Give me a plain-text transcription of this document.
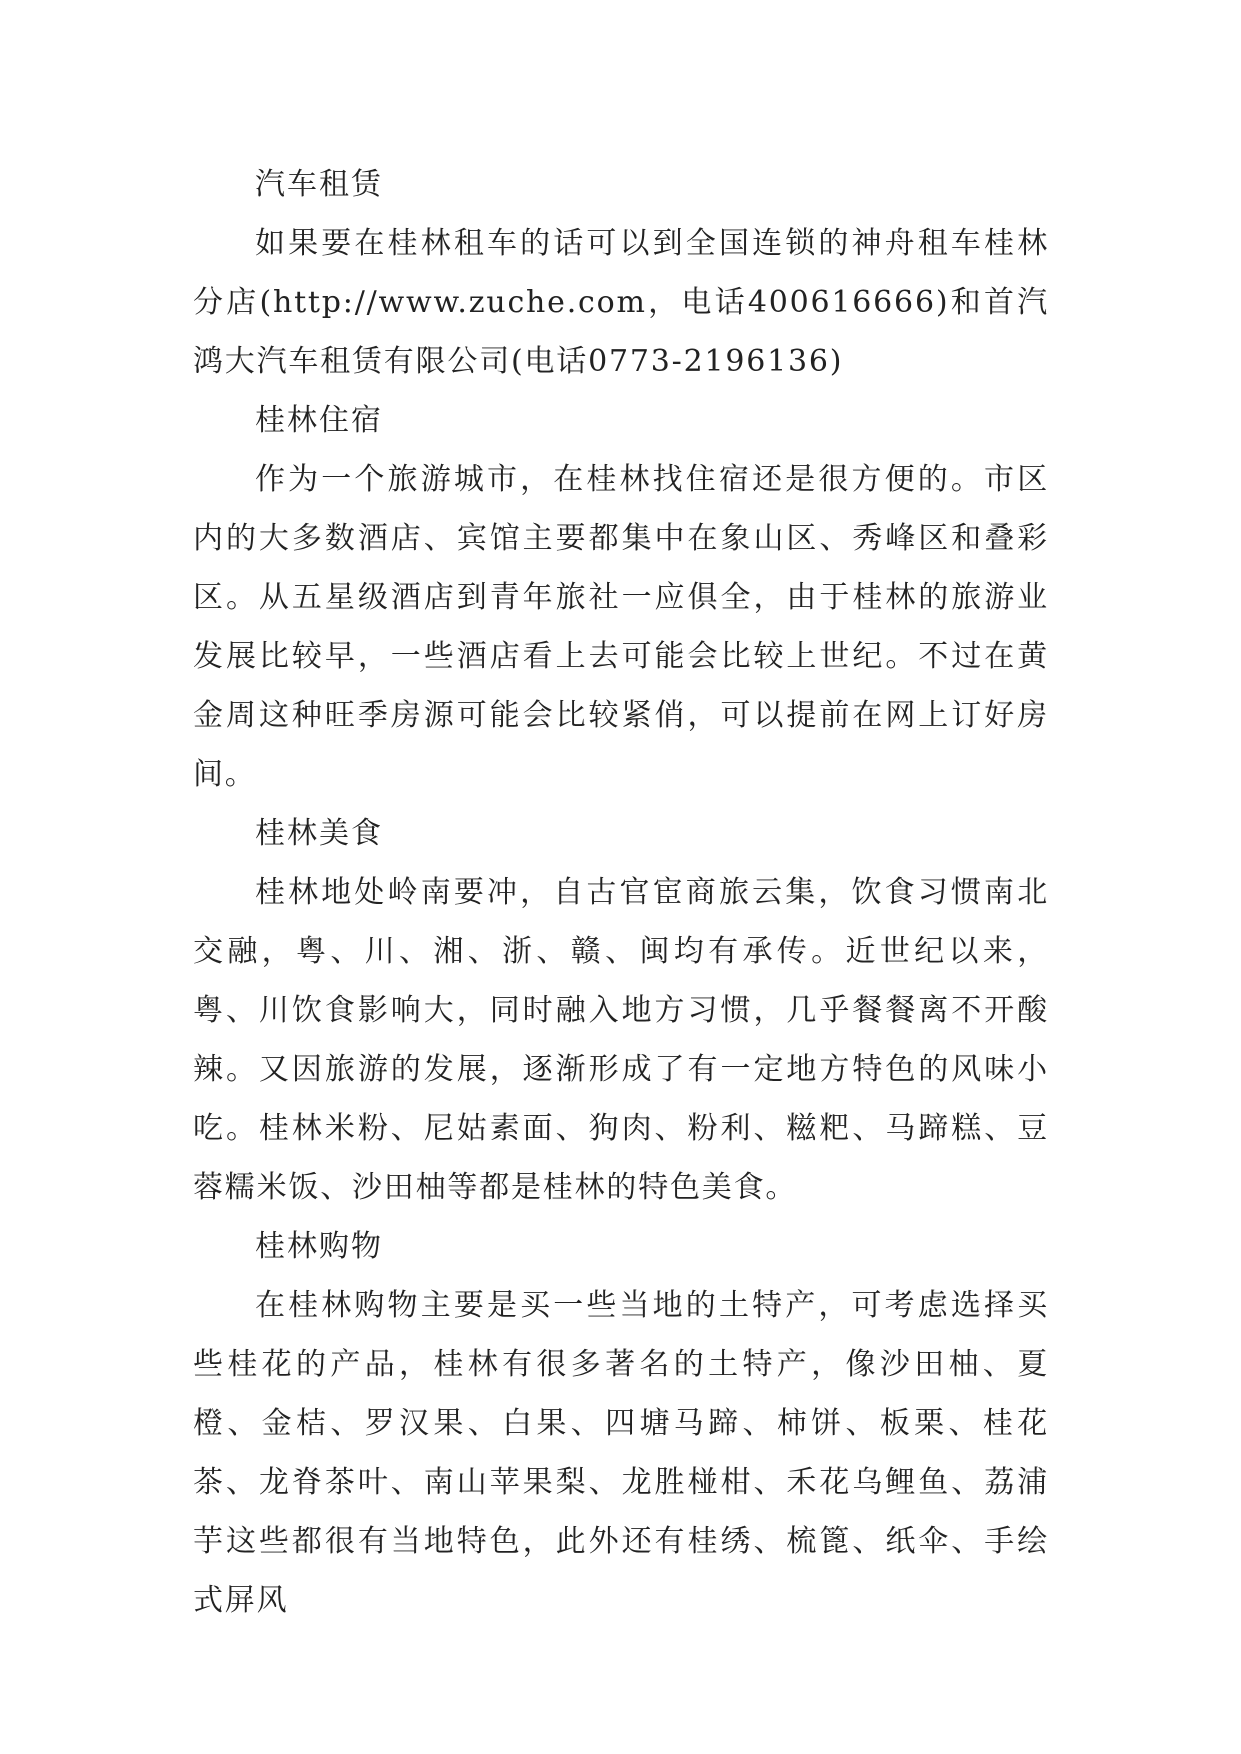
汽车租赁

如果要在桂林租车的话可以到全国连锁的神舟租车桂林分店(http://www.zuche.com，电话400616666)和首汽鸿大汽车租赁有限公司(电话0773-2196136)

桂林住宿

作为一个旅游城市，在桂林找住宿还是很方便的。市区内的大多数酒店、宾馆主要都集中在象山区、秀峰区和叠彩区。从五星级酒店到青年旅社一应俱全，由于桂林的旅游业发展比较早，一些酒店看上去可能会比较上世纪。不过在黄金周这种旺季房源可能会比较紧俏，可以提前在网上订好房间。

桂林美食

桂林地处岭南要冲，自古官宦商旅云集，饮食习惯南北交融，粤、川、湘、浙、赣、闽均有承传。近世纪以来，粤、川饮食影响大，同时融入地方习惯，几乎餐餐离不开酸辣。又因旅游的发展，逐渐形成了有一定地方特色的风味小吃。桂林米粉、尼姑素面、狗肉、粉利、糍粑、马蹄糕、豆蓉糯米饭、沙田柚等都是桂林的特色美食。

桂林购物

在桂林购物主要是买一些当地的土特产，可考虑选择买些桂花的产品，桂林有很多著名的土特产，像沙田柚、夏橙、金桔、罗汉果、白果、四塘马蹄、柿饼、板栗、桂花茶、龙脊茶叶、南山苹果梨、龙胜椪柑、禾花乌鲤鱼、荔浦芋这些都很有当地特色，此外还有桂绣、梳篦、纸伞、手绘式屏风
